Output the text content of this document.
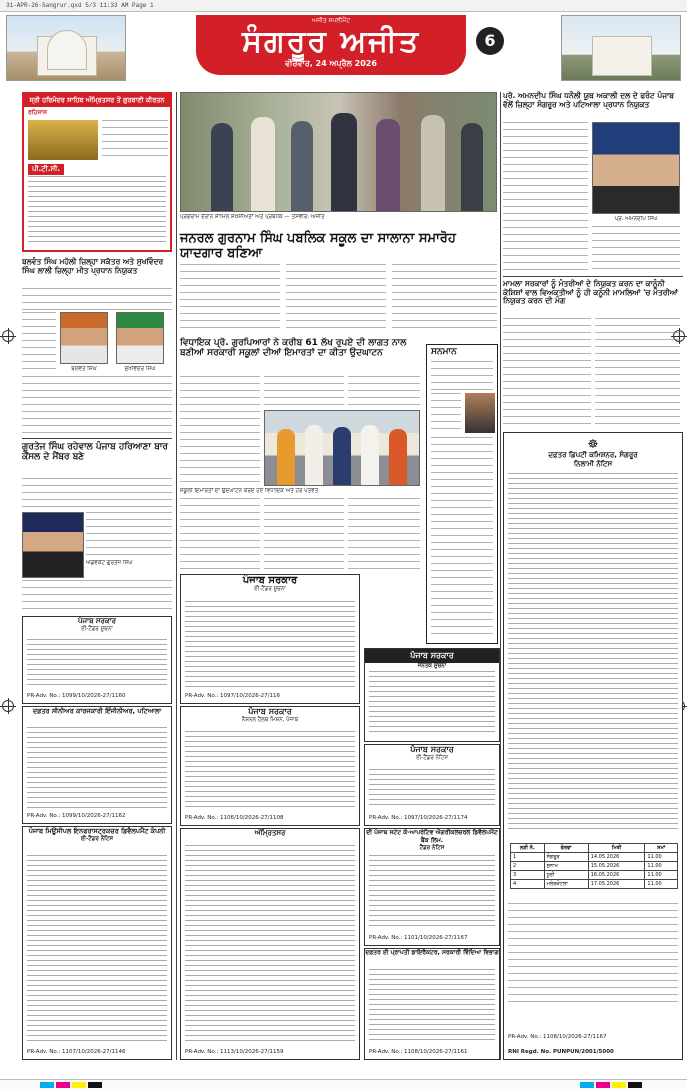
31-APR-26-Sangrur.qxd 5/3 11:33 AM Page 1
ਅਜੀਤ ਸਪਲੀਮੈਂਟ
ਸੰਗਰੂਰ ਅਜੀਤ
ਵੀਰਵਾਰ, 24 ਅਪ੍ਰੈਲ 2026
6
ਸ੍ਰੀ ਹਰਿਮੰਦਰ ਸਾਹਿਬ ਅੰਮ੍ਰਿਤਸਰ ਤੋਂ ਗੁਰਬਾਣੀ ਕੀਰਤਨ
ਰਹਿਸਾਸ
ਪੀ.ਟੀ.ਸੀ.
ਪ੍ਰੋਗਰਾਮ ਦੌਰਾਨ ਸ਼ਾਮਿਲ ਸ਼ਖ਼ਸੀਅਤਾਂ ਅਤੇ ਪ੍ਰਬੰਧਕ — ਤਸਵੀਰ: ਅਜੀਤ
ਜਨਰਲ ਗੁਰਨਾਮ ਸਿੰਘ ਪਬਲਿਕ ਸਕੂਲ ਦਾ ਸਾਲਾਨਾ ਸਮਾਰੋਹ ਯਾਦਗਾਰ ਬਣਿਆ
ਪ੍ਰੋ. ਅਮਨਦੀਪ ਸਿੰਘ ਧਨੌਲੀ ਯੂਥ ਅਕਾਲੀ ਦਲ ਦੇ ਫਰੰਟ ਪੰਜਾਬ ਵੱਲੋਂ ਜ਼ਿਲ੍ਹਾ ਸੰਗਰੂਰ ਅਤੇ ਪਟਿਆਲਾ ਪ੍ਰਧਾਨ ਨਿਯੁਕਤ
ਪ੍ਰੋ. ਅਮਨਦੀਪ ਸਿੰਘ
ਮਾਮਲਾ ਸਰਕਾਰਾਂ ਨੂੰ ਮੰਤਰੀਆਂ ਦੇ ਨਿਯੁਕਤ ਕਰਨ ਦਾ ਕਾਨੂੰਨੀ ਕੋਸ਼ਿਸ਼ਾਂ ਵਾਲ ਵਿਅਕਤੀਆਂ ਨੂੰ ਹੀ ਕਨੂੰਨੀ ਮਾਮਲਿਆਂ 'ਚ ਮੰਤਰੀਆਂ ਨਿਯੁਕਤ ਕਰਨ ਦੀ ਮੰਗ
ਬਲਵੰਤ ਸਿੰਘ ਮਹੋਲੀ ਜ਼ਿਲ੍ਹਾ ਸਕੱਤਰ ਅਤੇ ਸੁਖਵਿੰਦਰ ਸਿੰਘ ਲਾਲੀ ਜ਼ਿਲ੍ਹਾ ਮੀਤ ਪ੍ਰਧਾਨ ਨਿਯੁਕਤ
ਬਲਵੰਤ ਸਿੰਘ	ਸੁਖਵਿੰਦਰ ਸਿੰਘ
ਗੁਰਤੇਜ ਸਿੰਘ ਰਹੇਵਾਲ ਪੰਜਾਬ ਹਰਿਆਣਾ ਬਾਰ ਕੌਂਸਲ ਦੇ ਮੈਂਬਰ ਬਣੇ
ਐਡਵੋਕੇਟ ਗੁਰਤੇਜ ਸਿੰਘ
ਵਿਧਾਇਕ ਪ੍ਰੋ. ਗੁਰਪਿਆਰਾਂ ਨੇ ਕਰੀਬ 61 ਲੱਖ ਰੁਪਏ ਦੀ ਲਾਗਤ ਨਾਲ ਬਣੀਆਂ ਸਰਕਾਰੀ ਸਕੂਲਾਂ ਦੀਆਂ ਇਮਾਰਤਾਂ ਦਾ ਕੀਤਾ ਉਦਘਾਟਨ
ਸਕੂਲੀ ਇਮਾਰਤਾਂ ਦਾ ਉਦਘਾਟਨ ਕਰਦੇ ਹੋਏ ਵਿਧਾਇਕ ਅਤੇ ਹੋਰ ਪਤਵੰਤੇ
ਸਨਮਾਨ
☸
ਦਫ਼ਤਰ ਡਿਪਟੀ ਕਮਿਸ਼ਨਰ, ਸੰਗਰੂਰ
ਨਿਲਾਮੀ ਨੋਟਿਸ
ਲੜੀ ਨੰ.	ਵੇਰਵਾ	ਮਿਤੀ	ਸਮਾਂ
1	ਸੰਗਰੂਰ	14.05.2026	11.00
2	ਸੁਨਾਮ	15.05.2026	11.00
3	ਧੂਰੀ	16.05.2026	11.00
4	ਮਲੇਰਕੋਟਲਾ	17.05.2026	11.00
PR-Adv. No.: 1108/10/2026-27/1167
RNI Regd. No. PUNPUN/2001/5000
ਪੰਜਾਬ ਸਰਕਾਰ
ਈ-ਟੈਂਡਰ ਸੂਚਨਾ
PR-Adv. No.: 1099/10/2026-27/1160
ਦਫ਼ਤਰ ਸੀਨੀਅਰ ਕਾਰਜਕਾਰੀ ਇੰਜੀਨੀਅਰ, ਪਟਿਆਲਾ
PR-Adv. No.: 1099/10/2026-27/1162
ਪੰਜਾਬ ਮਿਊਂਸੀਪਲ ਇਨਫਰਾਸਟ੍ਰਕਚਰ ਡਿਵੈਲਪਮੈਂਟ ਕੰਪਨੀ
ਈ-ਟੈਂਡਰ ਨੋਟਿਸ
PR-Adv. No.: 1107/10/2026-27/1146
ਪੰਜਾਬ ਸਰਕਾਰ
ਈ-ਟੈਂਡਰ ਸੂਚਨਾ
PR-Adv. No.: 1097/10/2026-27/116
ਪੰਜਾਬ ਸਰਕਾਰ
ਨੈਸ਼ਨਲ ਹੈਲਥ ਮਿਸ਼ਨ, ਪੰਜਾਬ
PR-Adv. No.: 1106/10/2026-27/1108
ਅੰਮ੍ਰਿਤਸਰ
PR-Adv. No.: 1113/10/2026-27/1159
ਪੰਜਾਬ ਸਰਕਾਰ
ਜਨਤਕ ਸੂਚਨਾ
ਪੰਜਾਬ ਸਰਕਾਰ
ਈ-ਟੈਂਡਰ ਨੋਟਿਸ
PR-Adv. No.: 1097/10/2026-27/1174
ਦੀ ਪੰਜਾਬ ਸਟੇਟ ਕੋ-ਆਪਰੇਟਿਵ ਐਗਰੀਕਲਚਰਲ ਡਿਵੈਲਪਮੈਂਟ ਬੈਂਕ ਲਿਮ.
ਟੈਂਡਰ ਨੋਟਿਸ
PR-Adv. No.: 1101/10/2026-27/1167
ਦਫ਼ਤਰ ਈ ਪ੍ਰਾਪਤੀ ਡਾਇਰੈਕਟਰ, ਸਰਕਾਰੀ ਵਿੱਦਿਆ ਵਿਭਾਗ
PR-Adv. No.: 1108/10/2026-27/1161
